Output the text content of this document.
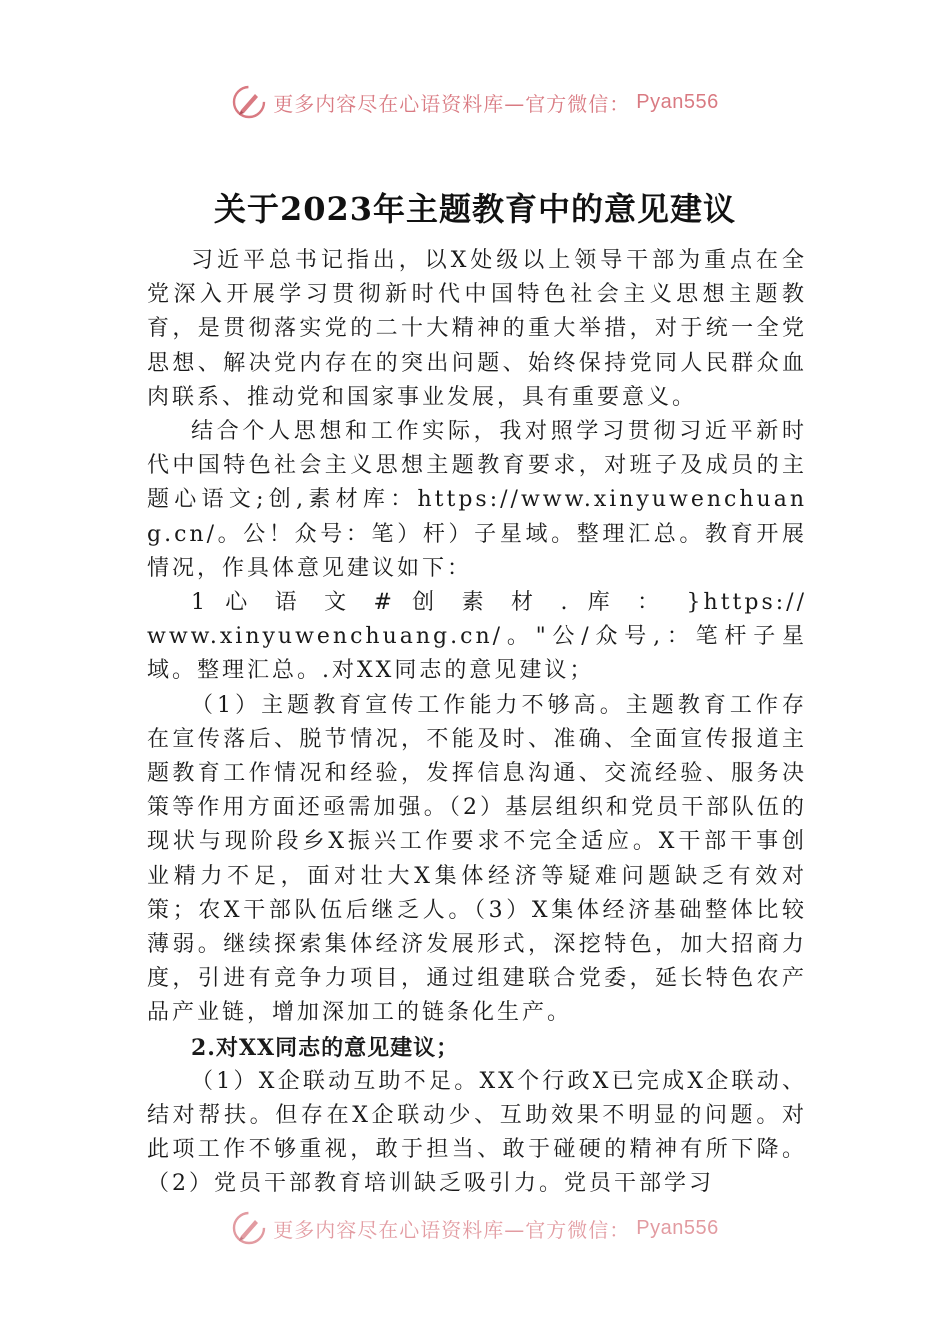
更多内容尽在心语资料库—官方微信： Pyan556
关于2023年主题教育中的意见建议

习近平总书记指出，以X处级以上领导干部为重点在全党深入开展学习贯彻新时代中国特色社会主义思想主题教育，是贯彻落实党的二十大精神的重大举措，对于统一全党思想、解决党内存在的突出问题、始终保持党同人民群众血肉联系、推动党和国家事业发展，具有重要意义。

结合个人思想和工作实际，我对照学习贯彻习近平新时代中国特色社会主义思想主题教育要求，对班子及成员的主题心语文;创,素材库：https://www.xinyuwenchuang.cn/。公！众号：笔）杆）子星域。整理汇总。教育开展情况，作具体意见建议如下：

1 心 语 文 # 创 素 材 . 库 ： }https://
www.xinyuwenchuang.cn/。"公/众号,：笔杆子星域。整理汇总。.对XX同志的意见建议；

（1）主题教育宣传工作能力不够高。主题教育工作存在宣传落后、脱节情况，不能及时、准确、全面宣传报道主题教育工作情况和经验，发挥信息沟通、交流经验、服务决策等作用方面还亟需加强。（2）基层组织和党员干部队伍的现状与现阶段乡X振兴工作要求不完全适应。X干部干事创业精力不足，面对壮大X集体经济等疑难问题缺乏有效对策；农X干部队伍后继乏人。（3）X集体经济基础整体比较薄弱。继续探索集体经济发展形式，深挖特色，加大招商力度，引进有竞争力项目，通过组建联合党委，延长特色农产品产业链，增加深加工的链条化生产。

2.对XX同志的意见建议；

（1）X企联动互助不足。XX个行政X已完成X企联动、结对帮扶。但存在X企联动少、互助效果不明显的问题。对此项工作不够重视，敢于担当、敢于碰硬的精神有所下降。（2）党员干部教育培训缺乏吸引力。党员干部学习

更多内容尽在心语资料库—官方微信： Pyan556
